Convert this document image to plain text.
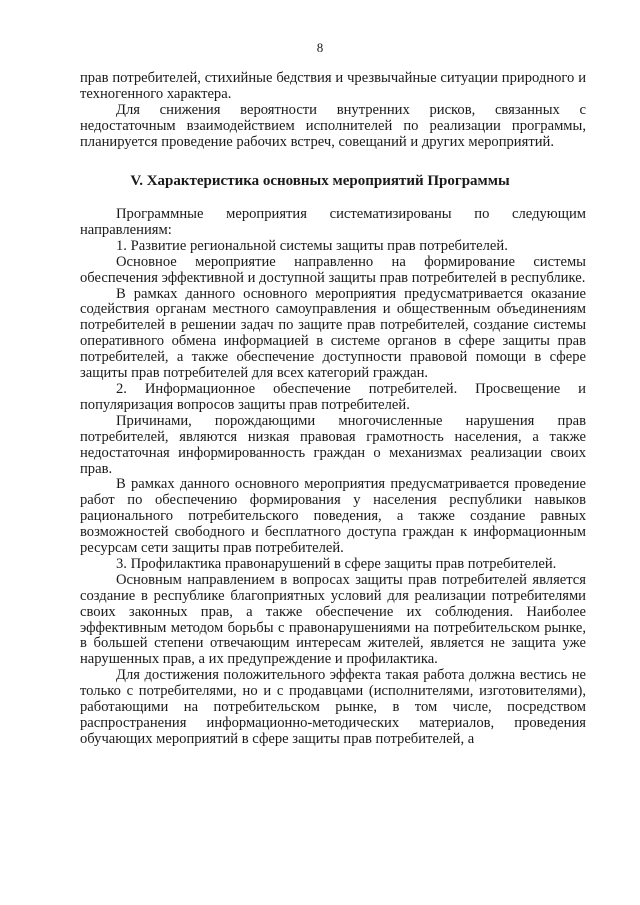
8

прав потребителей, стихийные бедствия и чрезвычайные ситуации природного и техногенного характера.

Для снижения вероятности внутренних рисков, связанных с недостаточным взаимодействием исполнителей по реализации программы, планируется проведение рабочих встреч, совещаний и других мероприятий.

V. Характеристика основных мероприятий Программы

Программные мероприятия систематизированы по следующим направлениям:

1. Развитие региональной системы защиты прав потребителей.

Основное мероприятие направленно на формирование системы обеспечения эффективной и доступной защиты прав потребителей в республике.

В рамках данного основного мероприятия предусматривается оказание содействия органам местного самоуправления и общественным объединениям потребителей в решении задач по защите прав потребителей, создание системы оперативного обмена информацией в системе органов в сфере защиты прав потребителей, а также обеспечение доступности правовой помощи в сфере защиты прав потребителей для всех категорий граждан.

2. Информационное обеспечение потребителей. Просвещение и популяризация вопросов защиты прав потребителей.

Причинами, порождающими многочисленные нарушения прав потребителей, являются низкая правовая грамотность населения, а также недостаточная информированность граждан о механизмах реализации своих прав.

В рамках данного основного мероприятия предусматривается проведение работ по обеспечению формирования у населения республики навыков рационального потребительского поведения, а также создание равных возможностей свободного и бесплатного доступа граждан к информационным ресурсам сети защиты прав потребителей.

3. Профилактика правонарушений в сфере защиты прав потребителей.

Основным направлением в вопросах защиты прав потребителей является создание в республике благоприятных условий для реализации потребителями своих законных прав, а также обеспечение их соблюдения. Наиболее эффективным методом борьбы с правонарушениями на потребительском рынке, в большей степени отвечающим интересам жителей, является не защита уже нарушенных прав, а их предупреждение и профилактика.

Для достижения положительного эффекта такая работа должна вестись не только с потребителями, но и с продавцами (исполнителями, изготовителями), работающими на потребительском рынке, в том числе, посредством распространения информационно-методических материалов, проведения обучающих мероприятий в сфере защиты прав потребителей, а
